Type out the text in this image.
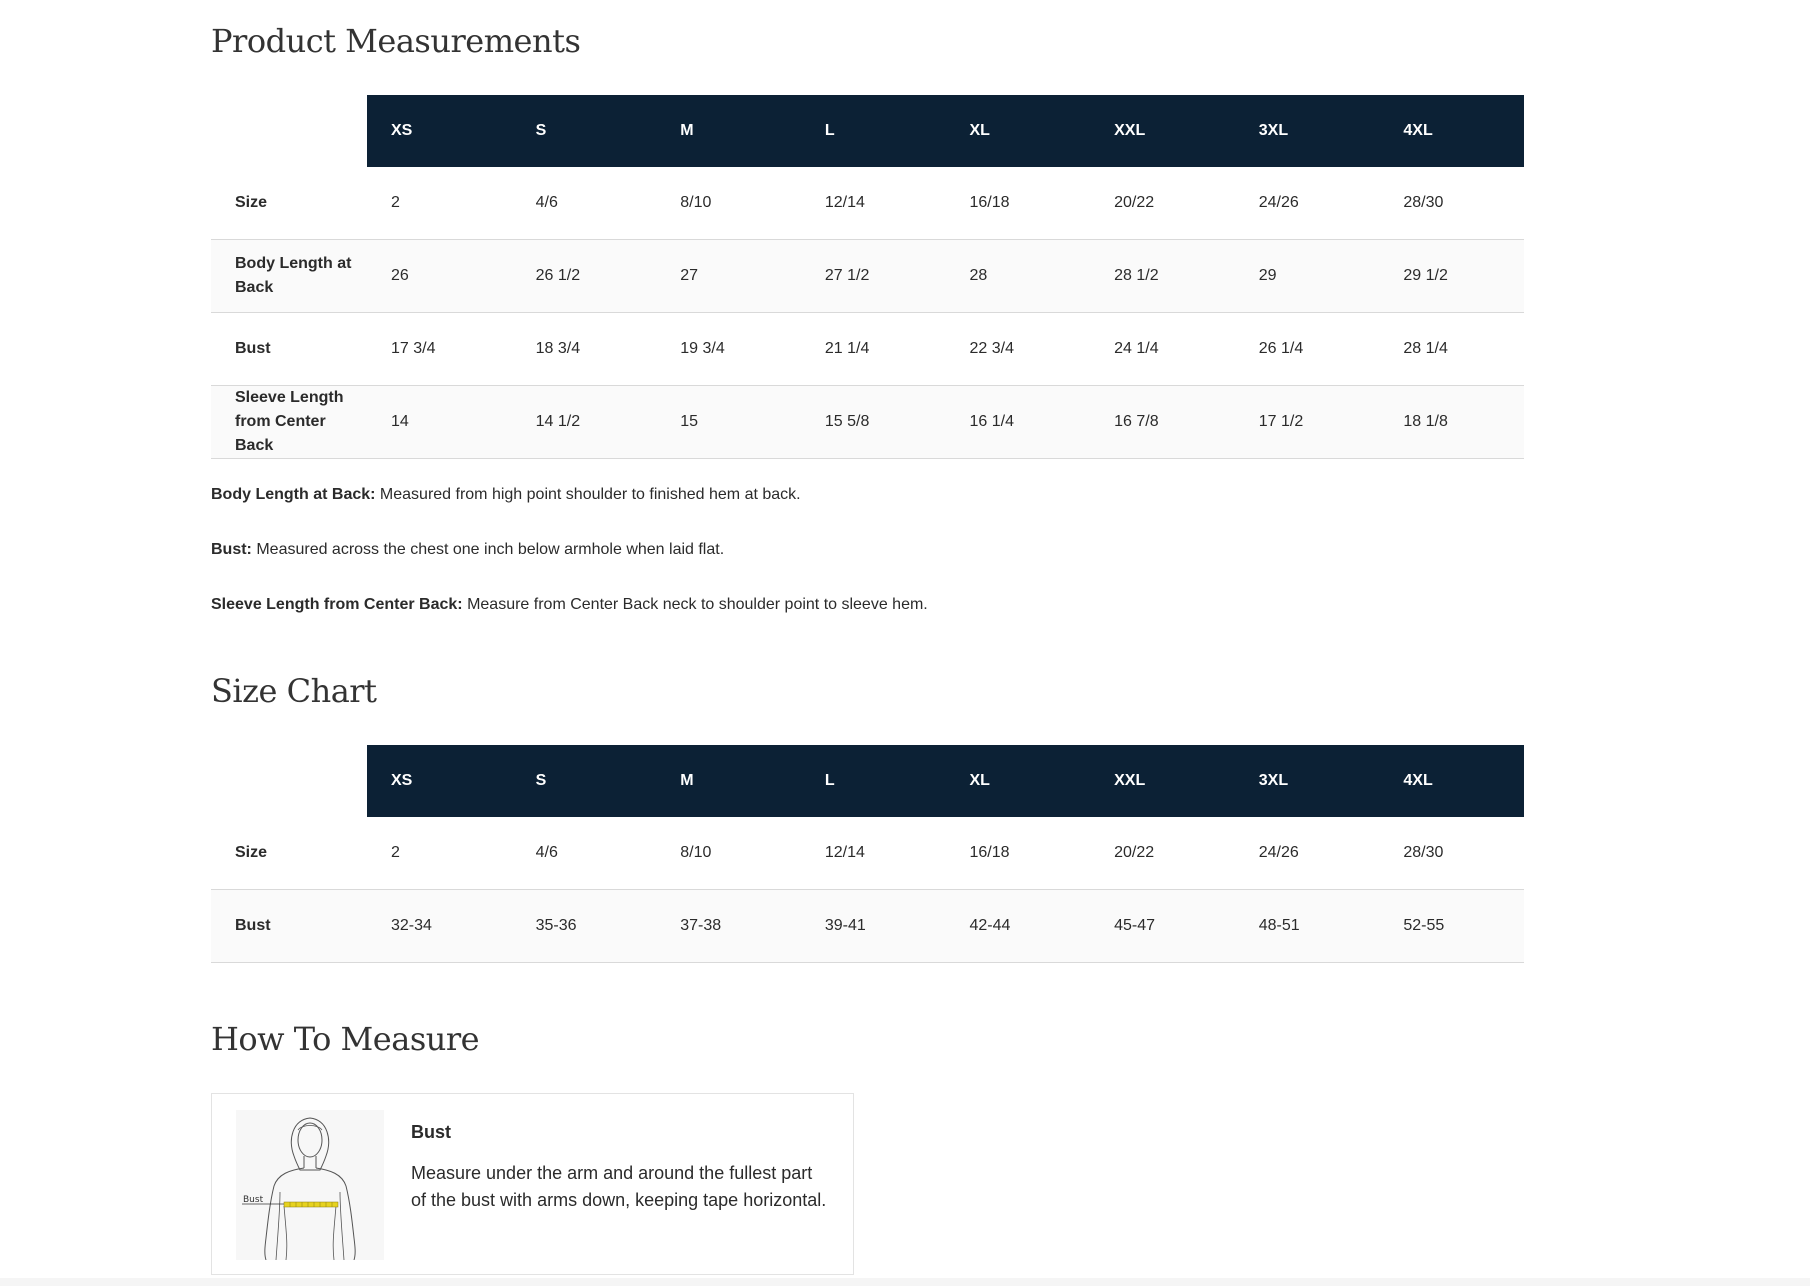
Product Measurements
	XS	S	M	L	XL	XXL	3XL	4XL
Size	2	4/6	8/10	12/14	16/18	20/22	24/26	28/30
Body Length at Back	26	26 1/2	27	27 1/2	28	28 1/2	29	29 1/2
Bust	17 3/4	18 3/4	19 3/4	21 1/4	22 3/4	24 1/4	26 1/4	28 1/4
Sleeve Length from Center Back	14	14 1/2	15	15 5/8	16 1/4	16 7/8	17 1/2	18 1/8

Body Length at Back: Measured from high point shoulder to finished hem at back.

Bust: Measured across the chest one inch below armhole when laid flat.

Sleeve Length from Center Back: Measure from Center Back neck to shoulder point to sleeve hem.

Size Chart
	XS	S	M	L	XL	XXL	3XL	4XL
Size	2	4/6	8/10	12/14	16/18	20/22	24/26	28/30
Bust	32-34	35-36	37-38	39-41	42-44	45-47	48-51	52-55
How To Measure
Bust
Bust
Measure under the arm and around the fullest part of the bust with arms down, keeping tape horizontal.
